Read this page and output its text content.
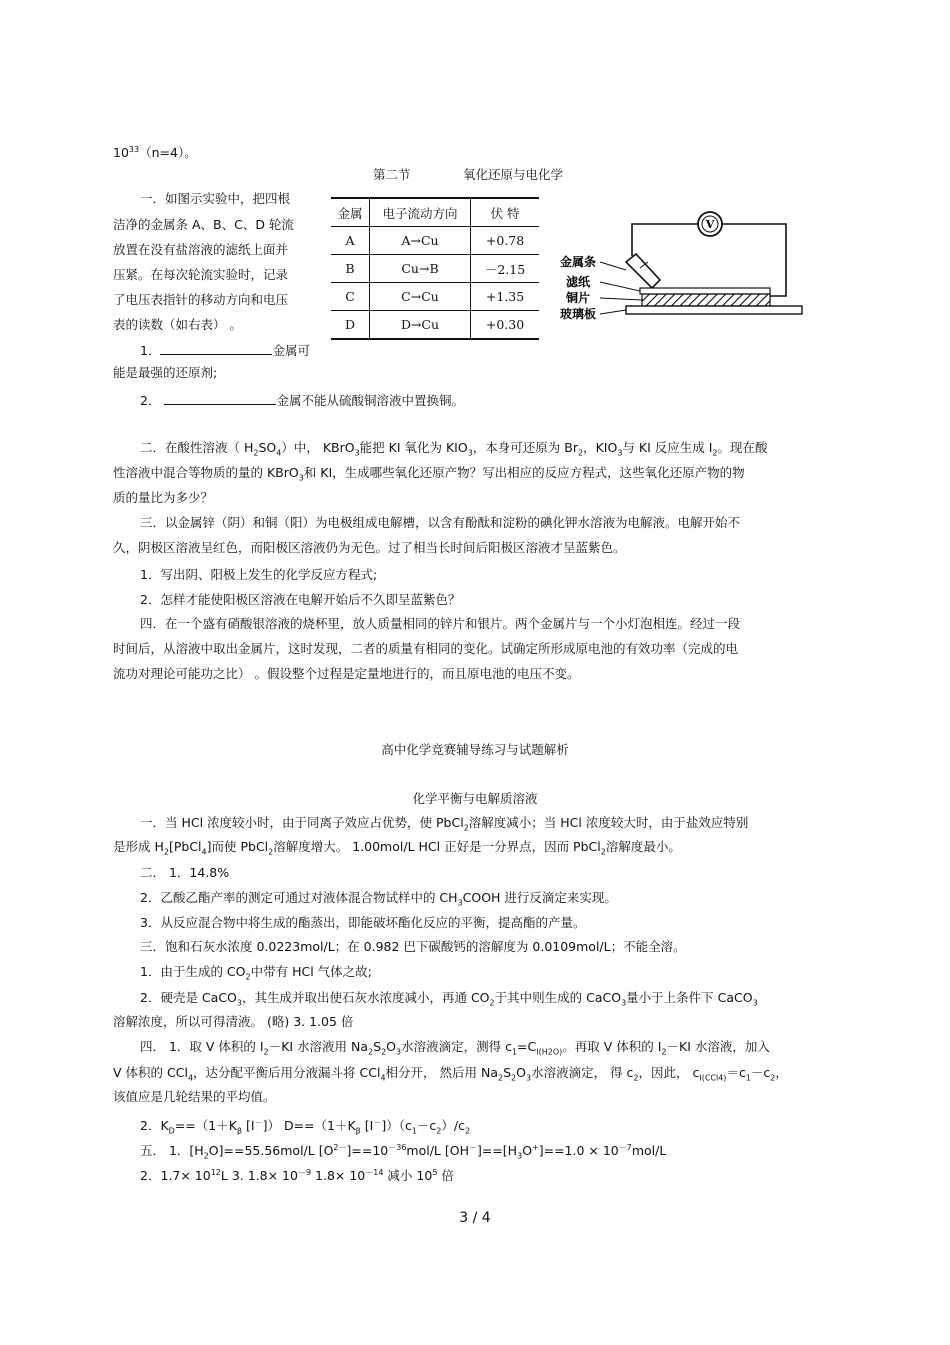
$10^{33}(n=4)$。
第二节	氧化还原与电化学
一．如图示实验中，把四根
洁净的金属条 A、B、C、D 轮流
放置在没有盐溶液的滤纸上面并
压紧。在每次轮流实验时，记录
了电压表指针的移动方向和电压
表的读数（如右表） 。
1．	金属可
能是最强的还原剂;
2．	金属不能从硫酸铜溶液中置换铜。
金属	电子流动方向	伏 特
A	A→Cu	+0.78
B	Cu→B	－2.15
C	C→Cu	+1.35
D	D→Cu	+0.30
V
金属条
滤纸
铜片
玻璃板
二．在酸性溶液（ $H_2SO_4$）中， KBrO$_3$能把 KI 氧化为 $KIO_3$，本身可还原为 $Br_2$，$KIO_3$与 KI 反应生成 $I_2$。现在酸
性溶液中混合等物质的量的 KBrO$_3$和 KI，生成哪些氧化还原产物？写出相应的反应方程式，这些氧化还原产物的物
质的量比为多少？
三．以金属锌（阴）和铜（阳）为电极组成电解槽，以含有酚酞和淀粉的碘化钾水溶液为电解液。电解开始不
久，阴极区溶液呈红色，而阳极区溶液仍为无色。过了相当长时间后阳极区溶液才呈蓝紫色。
1．写出阴、阳极上发生的化学反应方程式;
2．怎样才能使阳极区溶液在电解开始后不久即呈蓝紫色？
四．在一个盛有硝酸银溶液的烧杯里，放人质量相同的锌片和银片。两个金属片与一个小灯泡相连。经过一段
时间后，从溶液中取出金属片，这时发现，二者的质量有相同的变化。试确定所形成原电池的有效功率（完成的电
流功对理论可能功之比） 。假设整个过程是定量地进行的，而且原电池的电压不变。
高中化学竞赛辅导练习与试题解析
化学平衡与电解质溶液
一．当 HCl 浓度较小时，由于同离子效应占优势，使 PbCl$_2$溶解度减小；当 HCl 浓度较大时，由于盐效应特别
是形成 $H_2[PbCl_4]$而使 PbCl$_2$溶解度增大。 1.00mol/L HCl 正好是一分界点，因而 PbCl$_2$溶解度最小。
二． 1．14.8%
2．乙酸乙酯产率的测定可通过对液体混合物试样中的 $CH_3COOH$ 进行反滴定来实现。
3．从反应混合物中将生成的酯蒸出，即能破坏酯化反应的平衡，提高酯的产量。
三．饱和石灰水浓度 0.0223mol/L；在 0.982 巴下碳酸钙的溶解度为 0.0109mol/L；不能全溶。
1．由于生成的 $CO_2$中带有 HCl 气体之故;
2．硬壳是 CaCO$_3$，其生成并取出使石灰水浓度减小，再通 $CO_2$于其中则生成的 CaCO$_3$量小于上条件下 CaCO$_3$
溶解浓度，所以可得清液。 (略) 3. 1.05 倍
四． 1．取 V 体积的 $I_2-KI$ 水溶液用 $Na_2S_2O_3$水溶液滴定，测得 $c_1=C_{I(H2O)}$。再取 V 体积的 $I_2-KI$ 水溶液，加入
V 体积的 CCl$_4$，达分配平衡后用分液漏斗将 CCl$_4$相分开， 然后用 $Na_2S_2O_3$水溶液滴定， 得 $c_2$，因此， $c_{I(CCl4)}=c_1-c_2$，
该值应是几轮结果的平均值。
2．$K_D==(1+K_\beta$ [I－]） $D==(1+K_\beta$ $[I^-])(c_1-c_2)/c_2$
五． 1．$[H_2O]==55.56mol/L$ $[O^{2-}]==10^{-36}mol/L$ $[OH^-]==[H_3O^+]==1.0 \times 10^{-7}mol/L$
2．$1.7\times 10^{12}L$ 3. $1.8\times 10^{-9}$ $1.8\times 10^{-14}$ 减小 $10^5$ 倍
3 / 4
